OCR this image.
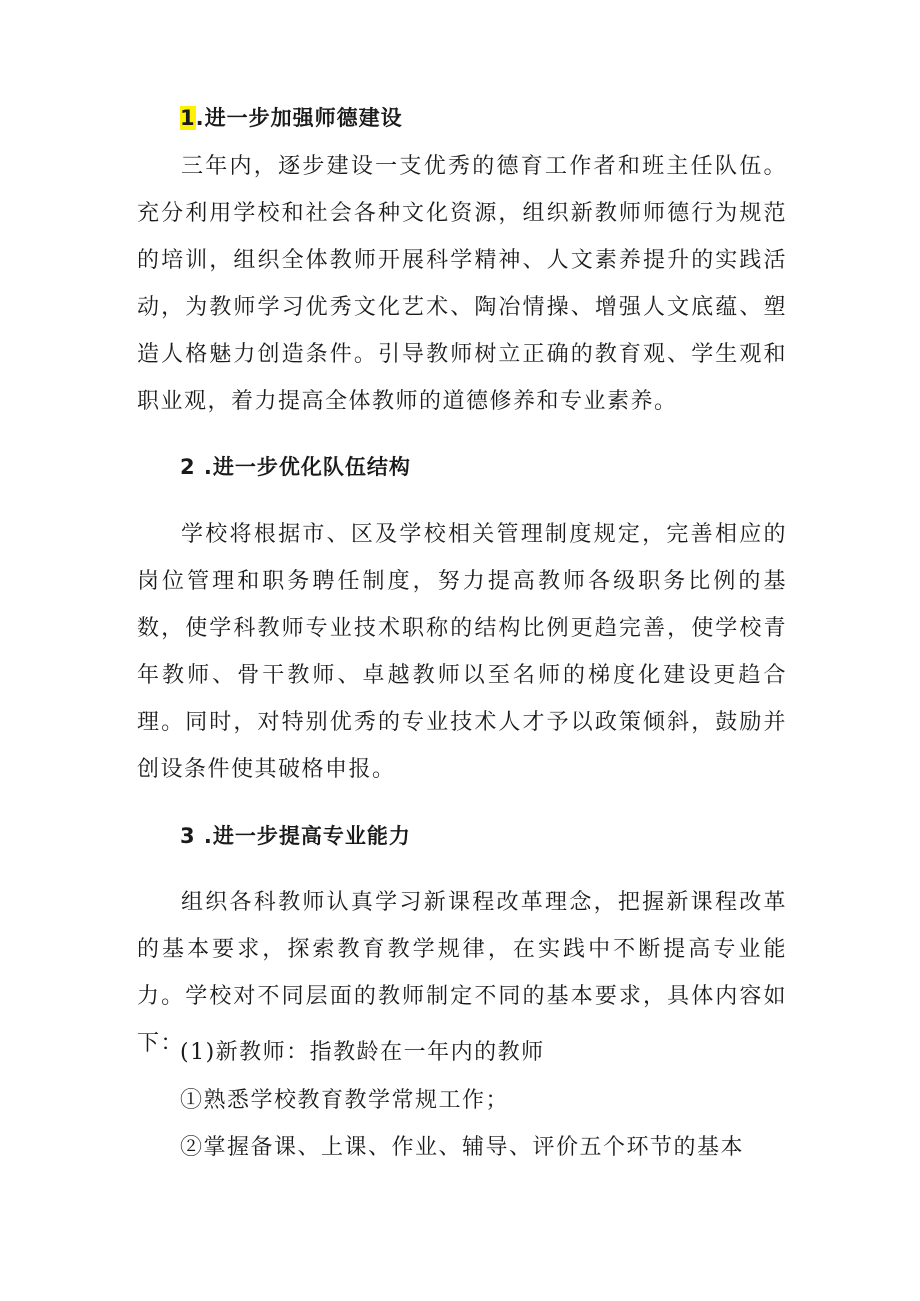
1.进一步加强师德建设
三年内，逐步建设一支优秀的德育工作者和班主任队伍。充分利用学校和社会各种文化资源，组织新教师师德行为规范的培训，组织全体教师开展科学精神、人文素养提升的实践活动，为教师学习优秀文化艺术、陶冶情操、增强人文底蕴、塑造人格魅力创造条件。引导教师树立正确的教育观、学生观和职业观，着力提高全体教师的道德修养和专业素养。
2 .进一步优化队伍结构
学校将根据市、区及学校相关管理制度规定，完善相应的岗位管理和职务聘任制度，努力提高教师各级职务比例的基数，使学科教师专业技术职称的结构比例更趋完善，使学校青年教师、骨干教师、卓越教师以至名师的梯度化建设更趋合理。同时，对特别优秀的专业技术人才予以政策倾斜，鼓励并创设条件使其破格申报。
3 .进一步提高专业能力
组织各科教师认真学习新课程改革理念，把握新课程改革的基本要求，探索教育教学规律，在实践中不断提高专业能力。学校对不同层面的教师制定不同的基本要求，具体内容如下：
(1)新教师：指教龄在一年内的教师
①熟悉学校教育教学常规工作；
②掌握备课、上课、作业、辅导、评价五个环节的基本
